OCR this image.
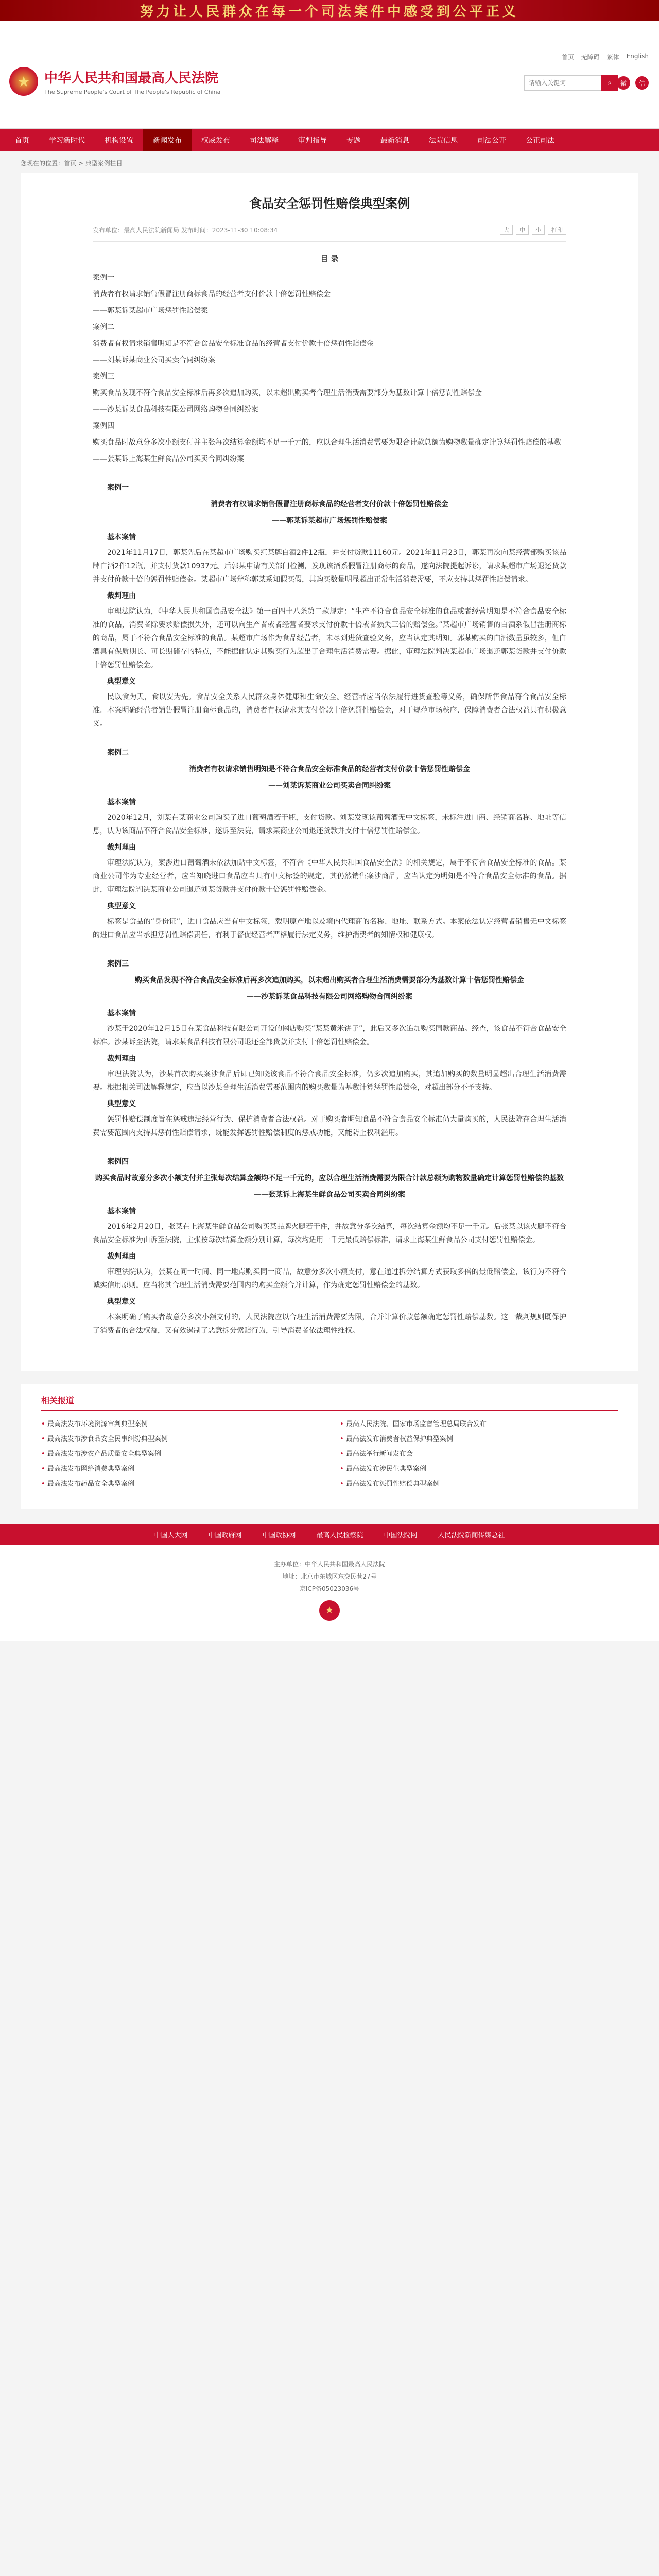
努力让人民群众在每一个司法案件中感受到公平正义
首页 无障碍 繁体 English
★	中华人民共和国最高人民法院
The Supreme People's Court of The People's Republic of China
请输入关键词
⌕	微	信
首页	学习新时代	机构设置	新闻发布	权威发布	司法解释	审判指导	专题	最新消息	法院信息	司法公开	公正司法
您现在的位置：首页 > 典型案例栏目
食品安全惩罚性赔偿典型案例
发布单位：最高人民法院新闻局 发布时间：2023-11-30 10:08:34	大	中	小	打印
目 录

案例一

消费者有权请求销售假冒注册商标食品的经营者支付价款十倍惩罚性赔偿金

——郭某诉某超市广场惩罚性赔偿案

案例二

消费者有权请求销售明知是不符合食品安全标准食品的经营者支付价款十倍惩罚性赔偿金

——刘某诉某商业公司买卖合同纠纷案

案例三

购买食品发现不符合食品安全标准后再多次追加购买，以未超出购买者合理生活消费需要部分为基数计算十倍惩罚性赔偿金

——沙某诉某食品科技有限公司网络购物合同纠纷案

案例四

购买食品时故意分多次小额支付并主张每次结算金额均不足一千元的，应以合理生活消费需要为限合计款总额为购物数量确定计算惩罚性赔偿的基数

——张某诉上海某生鲜食品公司买卖合同纠纷案

案例一

消费者有权请求销售假冒注册商标食品的经营者支付价款十倍惩罚性赔偿金

——郭某诉某超市广场惩罚性赔偿案

基本案情

2021年11月17日，郭某先后在某超市广场购买红某牌白酒2件12瓶，并支付货款11160元。2021年11月23日，郭某再次向某经营部购买该品牌白酒2件12瓶，并支付货款10937元。后郭某申请有关部门检测，发现该酒系假冒注册商标的商品，遂向法院提起诉讼，请求某超市广场退还货款并支付价款十倍的惩罚性赔偿金。某超市广场辩称郭某系知假买假，其购买数量明显超出正常生活消费需要，不应支持其惩罚性赔偿请求。

裁判理由

审理法院认为，《中华人民共和国食品安全法》第一百四十八条第二款规定：“生产不符合食品安全标准的食品或者经营明知是不符合食品安全标准的食品，消费者除要求赔偿损失外，还可以向生产者或者经营者要求支付价款十倍或者损失三倍的赔偿金。”某超市广场销售的白酒系假冒注册商标的商品，属于不符合食品安全标准的食品。某超市广场作为食品经营者，未尽到进货查验义务，应当认定其明知。郭某购买的白酒数量虽较多，但白酒具有保质期长、可长期储存的特点，不能据此认定其购买行为超出了合理生活消费需要。据此，审理法院判决某超市广场退还郭某货款并支付价款十倍惩罚性赔偿金。

典型意义

民以食为天，食以安为先。食品安全关系人民群众身体健康和生命安全。经营者应当依法履行进货查验等义务，确保所售食品符合食品安全标准。本案明确经营者销售假冒注册商标食品的，消费者有权请求其支付价款十倍惩罚性赔偿金，对于规范市场秩序、保障消费者合法权益具有积极意义。

案例二

消费者有权请求销售明知是不符合食品安全标准食品的经营者支付价款十倍惩罚性赔偿金

——刘某诉某商业公司买卖合同纠纷案

基本案情

2020年12月，刘某在某商业公司购买了进口葡萄酒若干瓶，支付货款。刘某发现该葡萄酒无中文标签，未标注进口商、经销商名称、地址等信息，认为该商品不符合食品安全标准，遂诉至法院，请求某商业公司退还货款并支付十倍惩罚性赔偿金。

裁判理由

审理法院认为，案涉进口葡萄酒未依法加贴中文标签，不符合《中华人民共和国食品安全法》的相关规定，属于不符合食品安全标准的食品。某商业公司作为专业经营者，应当知晓进口食品应当具有中文标签的规定，其仍然销售案涉商品，应当认定为明知是不符合食品安全标准的食品。据此，审理法院判决某商业公司退还刘某货款并支付价款十倍惩罚性赔偿金。

典型意义

标签是食品的“身份证”，进口食品应当有中文标签，载明原产地以及境内代理商的名称、地址、联系方式。本案依法认定经营者销售无中文标签的进口食品应当承担惩罚性赔偿责任，有利于督促经营者严格履行法定义务，维护消费者的知情权和健康权。

案例三

购买食品发现不符合食品安全标准后再多次追加购买，以未超出购买者合理生活消费需要部分为基数计算十倍惩罚性赔偿金

——沙某诉某食品科技有限公司网络购物合同纠纷案

基本案情

沙某于2020年12月15日在某食品科技有限公司开设的网店购买“某某黄米饼子”，此后又多次追加购买同款商品。经查，该食品不符合食品安全标准。沙某诉至法院，请求某食品科技有限公司退还全部货款并支付十倍惩罚性赔偿金。

裁判理由

审理法院认为，沙某首次购买案涉食品后即已知晓该食品不符合食品安全标准，仍多次追加购买，其追加购买的数量明显超出合理生活消费需要。根据相关司法解释规定，应当以沙某合理生活消费需要范围内的购买数量为基数计算惩罚性赔偿金，对超出部分不予支持。

典型意义

惩罚性赔偿制度旨在惩戒违法经营行为、保护消费者合法权益。对于购买者明知食品不符合食品安全标准仍大量购买的，人民法院在合理生活消费需要范围内支持其惩罚性赔偿请求，既能发挥惩罚性赔偿制度的惩戒功能，又能防止权利滥用。

案例四

购买食品时故意分多次小额支付并主张每次结算金额均不足一千元的，应以合理生活消费需要为限合计款总额为购物数量确定计算惩罚性赔偿的基数

——张某诉上海某生鲜食品公司买卖合同纠纷案

基本案情

2016年2月20日，张某在上海某生鲜食品公司购买某品牌火腿若干件，并故意分多次结算，每次结算金额均不足一千元。后张某以该火腿不符合食品安全标准为由诉至法院，主张按每次结算金额分别计算，每次均适用一千元最低赔偿标准，请求上海某生鲜食品公司支付惩罚性赔偿金。

裁判理由

审理法院认为，张某在同一时间、同一地点购买同一商品，故意分多次小额支付，意在通过拆分结算方式获取多倍的最低赔偿金，该行为不符合诚实信用原则。应当将其合理生活消费需要范围内的购买金额合并计算，作为确定惩罚性赔偿金的基数。

典型意义

本案明确了购买者故意分多次小额支付的，人民法院应以合理生活消费需要为限，合并计算价款总额确定惩罚性赔偿基数。这一裁判规则既保护了消费者的合法权益，又有效遏制了恶意拆分索赔行为，引导消费者依法理性维权。

相关报道
• 最高法发布环境资源审判典型案例	• 最高人民法院、国家市场监督管理总局联合发布
• 最高法发布涉食品安全民事纠纷典型案例	• 最高法发布消费者权益保护典型案例
• 最高法发布涉农产品质量安全典型案例	• 最高法举行新闻发布会
• 最高法发布网络消费典型案例	• 最高法发布涉民生典型案例
• 最高法发布药品安全典型案例	• 最高法发布惩罚性赔偿典型案例
中国人大网	中国政府网	中国政协网	最高人民检察院	中国法院网	人民法院新闻传媒总社
主办单位：中华人民共和国最高人民法院
地址：北京市东城区东交民巷27号
京ICP备05023036号
★
